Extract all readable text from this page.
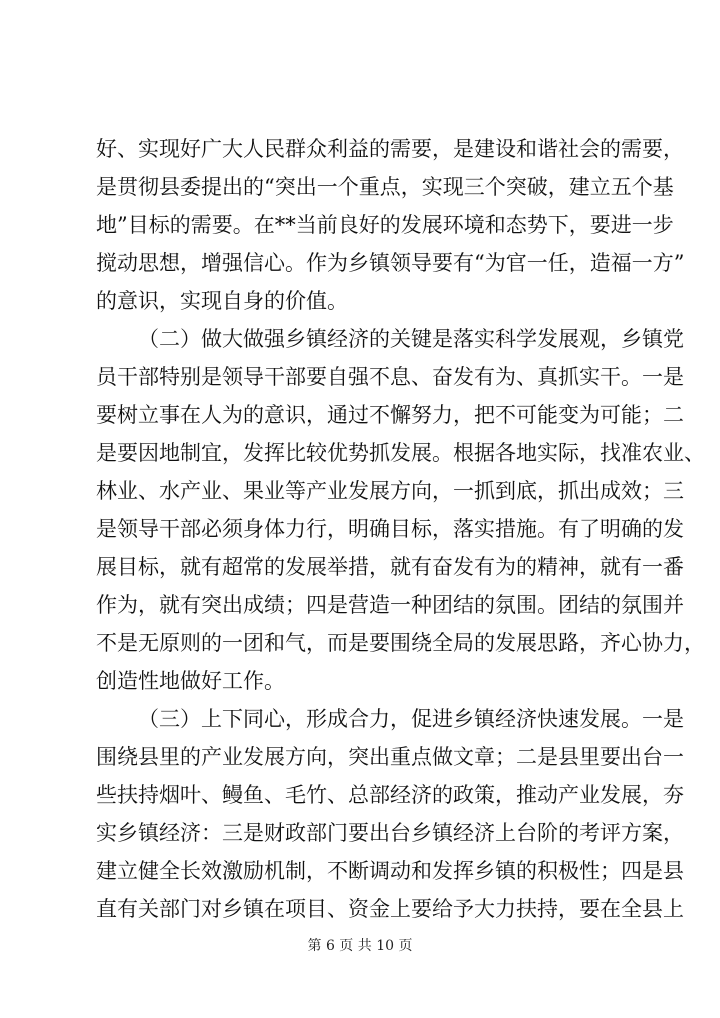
好、实现好广大人民群众利益的需要，是建设和谐社会的需要，
是贯彻县委提出的“突出一个重点，实现三个突破，建立五个基
地”目标的需要。在**当前良好的发展环境和态势下，要进一步
搅动思想，增强信心。作为乡镇领导要有“为官一任，造福一方”
的意识，实现自身的价值。
（二）做大做强乡镇经济的关键是落实科学发展观，乡镇党
员干部特别是领导干部要自强不息、奋发有为、真抓实干。一是
要树立事在人为的意识，通过不懈努力，把不可能变为可能；二
是要因地制宜，发挥比较优势抓发展。根据各地实际，找准农业、
林业、水产业、果业等产业发展方向，一抓到底，抓出成效；三
是领导干部必须身体力行，明确目标，落实措施。有了明确的发
展目标，就有超常的发展举措，就有奋发有为的精神，就有一番
作为，就有突出成绩；四是营造一种团结的氛围。团结的氛围并
不是无原则的一团和气，而是要围绕全局的发展思路，齐心协力，
创造性地做好工作。
（三）上下同心，形成合力，促进乡镇经济快速发展。一是
围绕县里的产业发展方向，突出重点做文章；二是县里要出台一
些扶持烟叶、鳗鱼、毛竹、总部经济的政策，推动产业发展，夯
实乡镇经济：三是财政部门要出台乡镇经济上台阶的考评方案，
建立健全长效激励机制，不断调动和发挥乡镇的积极性；四是县
直有关部门对乡镇在项目、资金上要给予大力扶持，要在全县上
第 6 页 共 10 页
